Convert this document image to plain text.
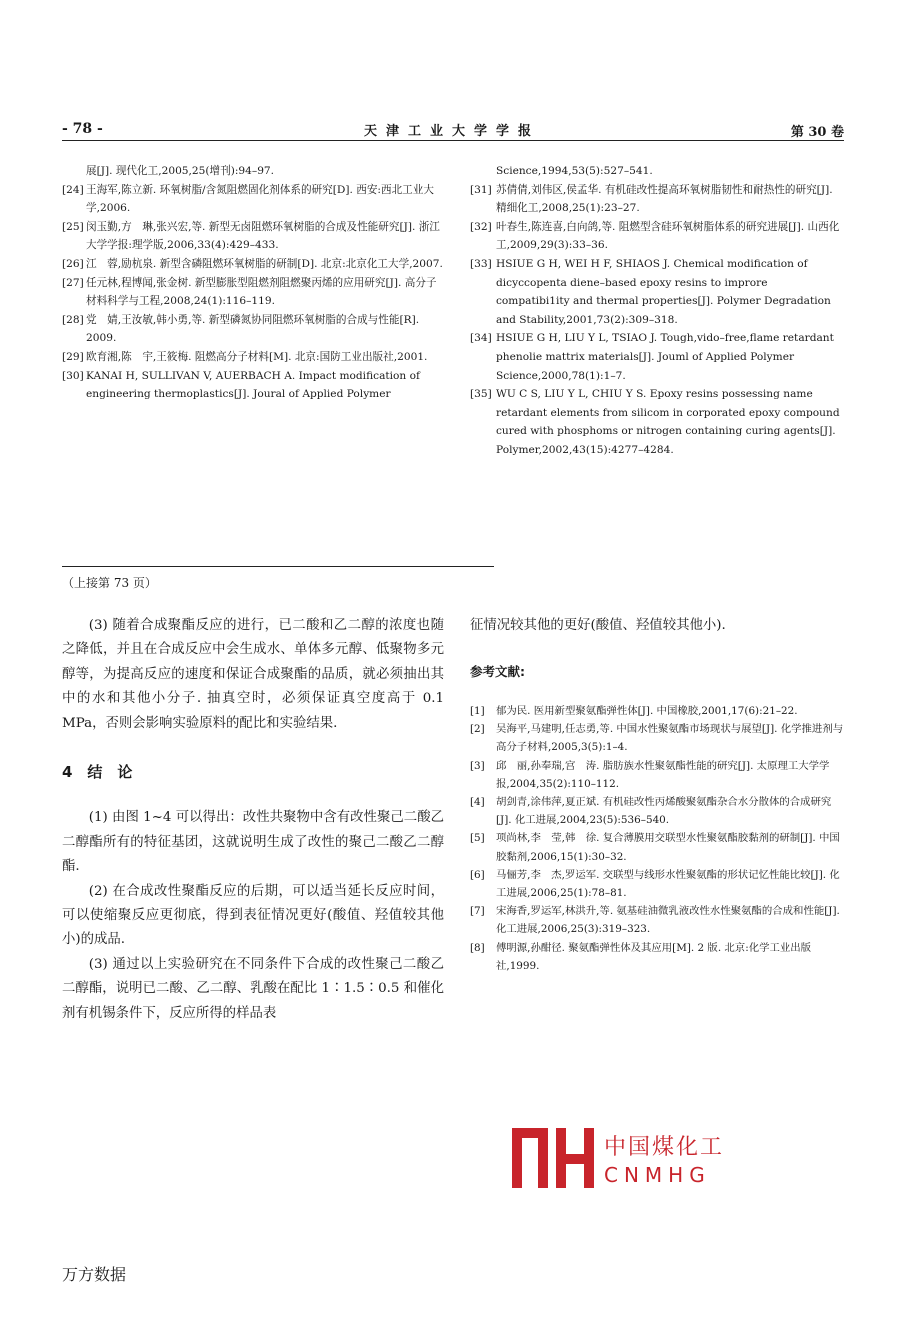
- 78 -	天津工业大学学报	第 30 卷
展[J]. 现代化工,2005,25(增刊):94–97.
[24] 王海军,陈立新. 环氧树脂/含氮阻燃固化剂体系的研究[D]. 西安:西北工业大学,2006.
[25] 闵玉勤,方　琳,张兴宏,等. 新型无卤阻燃环氧树脂的合成及性能研究[J]. 浙江大学学报:理学版,2006,33(4):429–433.
[26] 江　蓉,励杭泉. 新型含磷阻燃环氧树脂的研制[D]. 北京:北京化工大学,2007.
[27] 任元林,程博闻,张金树. 新型膨胀型阻燃剂阻燃聚丙烯的应用研究[J]. 高分子材料科学与工程,2008,24(1):116–119.
[28] 党　婧,王汝敏,韩小勇,等. 新型磷氮协同阻燃环氧树脂的合成与性能[R]. 2009.
[29] 欧育湘,陈　宇,王筱梅. 阻燃高分子材料[M]. 北京:国防工业出版社,2001.
[30] KANAI H, SULLIVAN V, AUERBACH A. Impact modification of engineering thermoplastics[J]. Joural of Applied Polymer
Science,1994,53(5):527–541.
[31] 苏倩倩,刘伟区,侯孟华. 有机硅改性提高环氧树脂韧性和耐热性的研究[J]. 精细化工,2008,25(1):23–27.
[32] 叶春生,陈连喜,白向鸽,等. 阻燃型含硅环氧树脂体系的研究进展[J]. 山西化工,2009,29(3):33–36.
[33] HSIUE G H, WEI H F, SHIAOS J. Chemical modification of dicyccopenta diene–based epoxy resins to improre compatibi1ity and thermal properties[J]. Polymer Degradation and Stability,2001,73(2):309–318.
[34] HSIUE G H, LIU Y L, TSIAO J. Tough,vido–free,flame retardant phenolie mattrix materials[J]. Jouml of Applied Polymer Science,2000,78(1):1–7.
[35] WU C S, LIU Y L, CHIU Y S. Epoxy resins possessing name retardant elements from silicom in corporated epoxy compound cured with phosphoms or nitrogen containing curing agents[J]. Polymer,2002,43(15):4277–4284.
（上接第 73 页）

(3) 随着合成聚酯反应的进行，已二酸和乙二醇的浓度也随之降低，并且在合成反应中会生成水、单体多元醇、低聚物多元醇等，为提高反应的速度和保证合成聚酯的品质，就必须抽出其中的水和其他小分子. 抽真空时，必须保证真空度高于 0.1 MPa，否则会影响实验原料的配比和实验结果.

4　结　论

(1) 由图 1~4 可以得出：改性共聚物中含有改性聚己二酸乙二醇酯所有的特征基团，这就说明生成了改性的聚己二酸乙二醇酯.

(2) 在合成改性聚酯反应的后期，可以适当延长反应时间，可以使缩聚反应更彻底，得到表征情况更好(酸值、羟值较其他小)的成品.

(3) 通过以上实验研究在不同条件下合成的改性聚己二酸乙二醇酯，说明已二酸、乙二醇、乳酸在配比 1∶1.5∶0.5 和催化剂有机锡条件下，反应所得的样品表

征情况较其他的更好(酸值、羟值较其他小).
参考文献:
[1] 郁为民. 医用新型聚氨酯弹性体[J]. 中国橡胶,2001,17(6):21–22.
[2] 吴海平,马建明,任志勇,等. 中国水性聚氨酯市场现状与展望[J]. 化学推进剂与高分子材料,2005,3(5):1–4.
[3] 邱　丽,孙奉瑞,宫　涛. 脂肪族水性聚氨酯性能的研究[J]. 太原理工大学学报,2004,35(2):110–112.
[4] 胡剑青,涂伟萍,夏正斌. 有机硅改性丙烯酸聚氨酯杂合水分散体的合成研究[J]. 化工进展,2004,23(5):536–540.
[5] 项尚林,李　莹,韩　徐. 复合薄膜用交联型水性聚氨酯胶黏剂的研制[J]. 中国胶黏剂,2006,15(1):30–32.
[6] 马俪芳,李　杰,罗运军. 交联型与线形水性聚氨酯的形状记忆性能比较[J]. 化工进展,2006,25(1):78–81.
[7] 宋海香,罗运军,林洪升,等. 氨基硅油微乳液改性水性聚氨酯的合成和性能[J]. 化工进展,2006,25(3):319–323.
[8] 傅明源,孙酣径. 聚氨酯弹性体及其应用[M]. 2 版. 北京:化学工业出版社,1999.
中国煤化工
CNMHG
万方数据
